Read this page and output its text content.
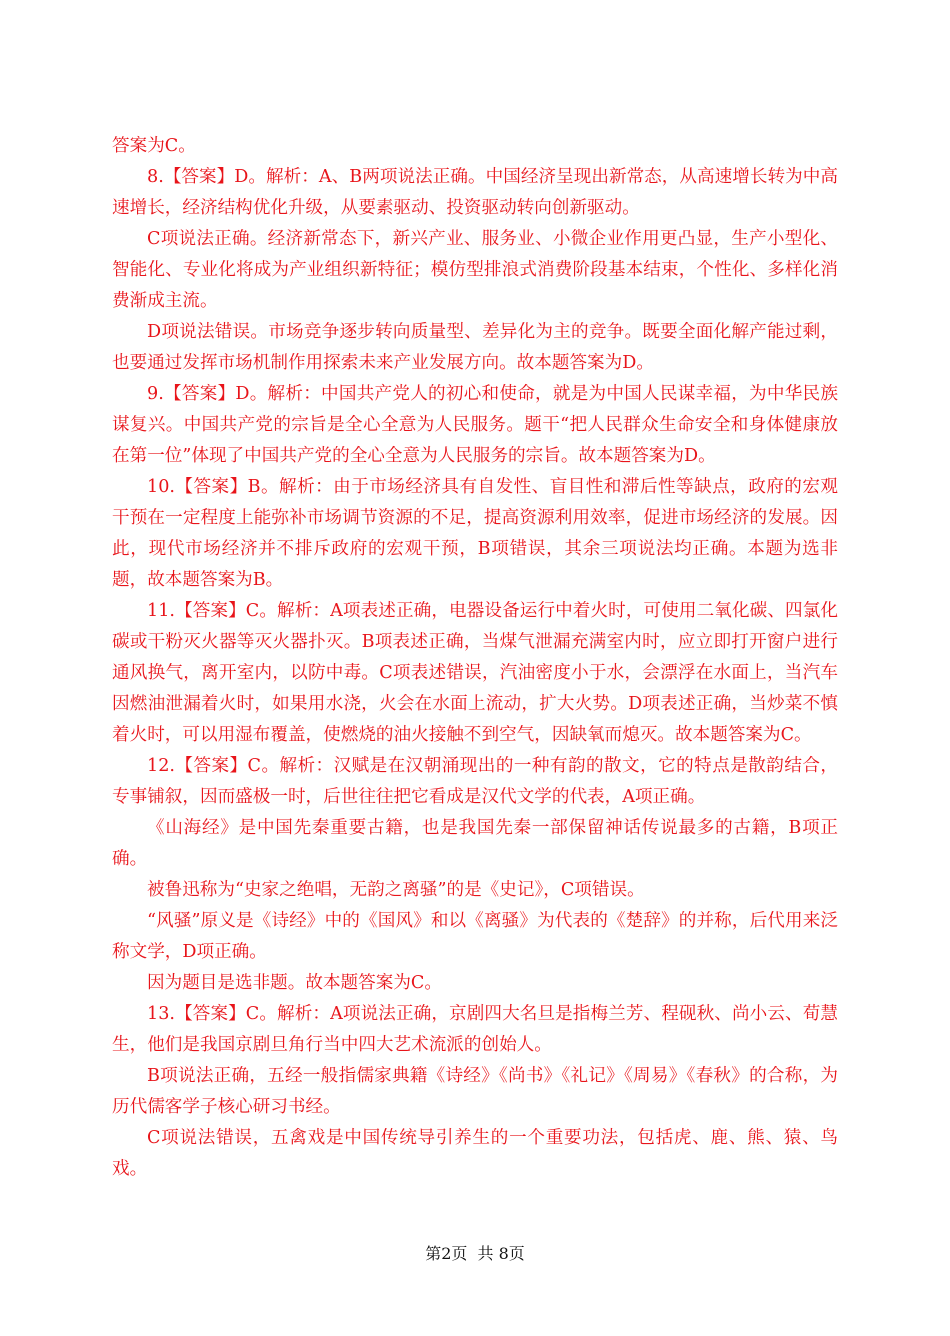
答案为C。

8.【答案】D。解析：A、B两项说法正确。中国经济呈现出新常态，从高速增长转为中高速增长，经济结构优化升级，从要素驱动、投资驱动转向创新驱动。

C项说法正确。经济新常态下，新兴产业、服务业、小微企业作用更凸显，生产小型化、智能化、专业化将成为产业组织新特征；模仿型排浪式消费阶段基本结束，个性化、多样化消费渐成主流。

D项说法错误。市场竞争逐步转向质量型、差异化为主的竞争。既要全面化解产能过剩，也要通过发挥市场机制作用探索未来产业发展方向。故本题答案为D。

9.【答案】D。解析：中国共产党人的初心和使命，就是为中国人民谋幸福，为中华民族谋复兴。中国共产党的宗旨是全心全意为人民服务。题干“把人民群众生命安全和身体健康放在第一位”体现了中国共产党的全心全意为人民服务的宗旨。故本题答案为D。

10.【答案】B。解析：由于市场经济具有自发性、盲目性和滞后性等缺点，政府的宏观干预在一定程度上能弥补市场调节资源的不足，提高资源利用效率，促进市场经济的发展。因此，现代市场经济并不排斥政府的宏观干预，B项错误，其余三项说法均正确。本题为选非题，故本题答案为B。

11.【答案】C。解析：A项表述正确，电器设备运行中着火时，可使用二氧化碳、四氯化碳或干粉灭火器等灭火器扑灭。B项表述正确，当煤气泄漏充满室内时，应立即打开窗户进行通风换气，离开室内，以防中毒。C项表述错误，汽油密度小于水，会漂浮在水面上，当汽车因燃油泄漏着火时，如果用水浇，火会在水面上流动，扩大火势。D项表述正确，当炒菜不慎着火时，可以用湿布覆盖，使燃烧的油火接触不到空气，因缺氧而熄灭。故本题答案为C。

12.【答案】C。解析：汉赋是在汉朝涌现出的一种有韵的散文，它的特点是散韵结合，专事铺叙，因而盛极一时，后世往往把它看成是汉代文学的代表，A项正确。

《山海经》是中国先秦重要古籍，也是我国先秦一部保留神话传说最多的古籍，B项正确。

被鲁迅称为“史家之绝唱，无韵之离骚”的是《史记》，C项错误。

“风骚”原义是《诗经》中的《国风》和以《离骚》为代表的《楚辞》的并称，后代用来泛称文学，D项正确。

因为题目是选非题。故本题答案为C。

13.【答案】C。解析：A项说法正确，京剧四大名旦是指梅兰芳、程砚秋、尚小云、荀慧生，他们是我国京剧旦角行当中四大艺术流派的创始人。

B项说法正确，五经一般指儒家典籍《诗经》《尚书》《礼记》《周易》《春秋》的合称，为历代儒客学子核心研习书经。

C项说法错误，五禽戏是中国传统导引养生的一个重要功法，包括虎、鹿、熊、猿、鸟戏。

第2页  共 8页
